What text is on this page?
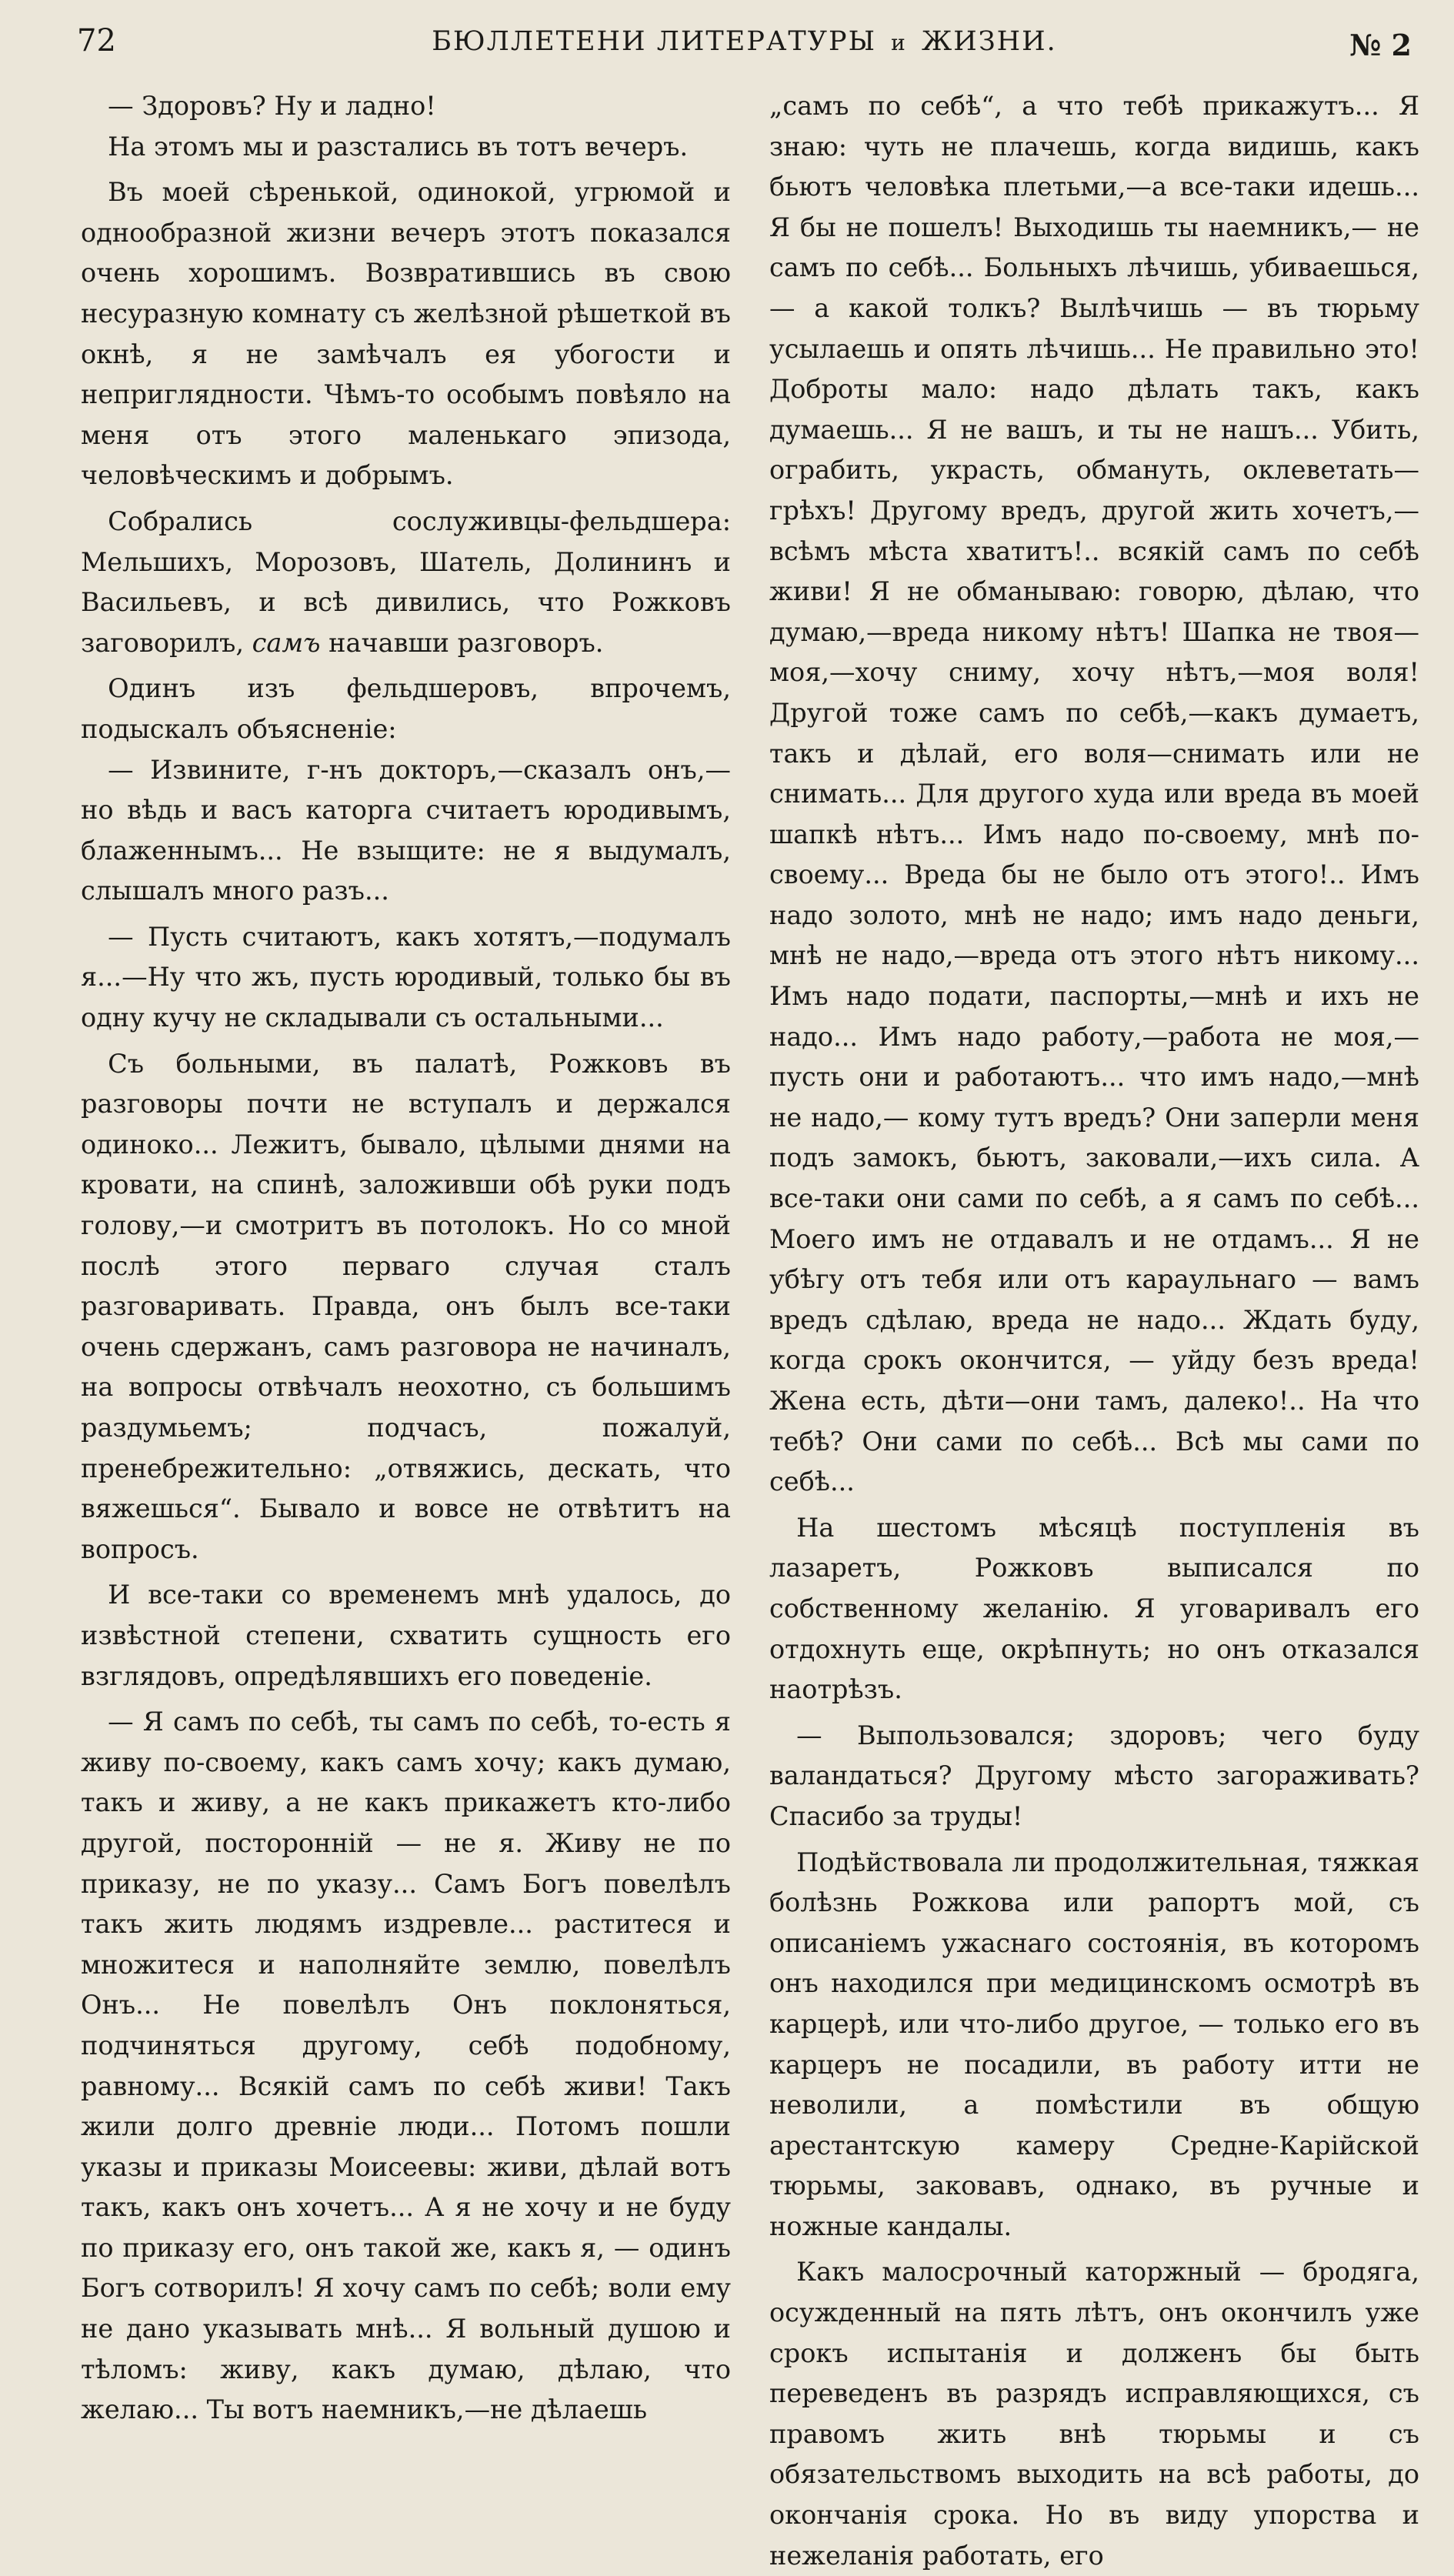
72	БЮЛЛЕТЕНИ ЛИТЕРАТУРЫ и ЖИЗНИ.	№ 2

— Здоровъ? Ну и ладно!

На этомъ мы и разстались въ тотъ вечеръ.

Въ моей сѣренькой, одинокой, угрюмой и однообразной жизни вечеръ этотъ показался очень хорошимъ. Возвратившись въ свою несуразную комнату съ желѣзной рѣшеткой въ окнѣ, я не замѣчалъ ея убогости и неприглядности. Чѣмъ-то особымъ повѣяло на меня отъ этого маленькаго эпизода, человѣческимъ и добрымъ.

Собрались сослуживцы-фельдшера: Мельшихъ, Морозовъ, Шатель, Долининъ и Васильевъ, и всѣ дивились, что Рожковъ заговорилъ, самъ начавши разговоръ.

Одинъ изъ фельдшеровъ, впрочемъ, подыскалъ объясненіе:

— Извините, г-нъ докторъ,—сказалъ онъ,— но вѣдь и васъ каторга считаетъ юродивымъ, блаженнымъ... Не взыщите: не я выдумалъ, слышалъ много разъ...

— Пусть считаютъ, какъ хотятъ,—подумалъ я...—Ну что жъ, пусть юродивый, только бы въ одну кучу не складывали съ остальными...

Съ больными, въ палатѣ, Рожковъ въ разговоры почти не вступалъ и держался одиноко... Лежитъ, бывало, цѣлыми днями на кровати, на спинѣ, заложивши обѣ руки подъ голову,—и смотритъ въ потолокъ. Но со мной послѣ этого перваго случая сталъ разговаривать. Правда, онъ былъ все-таки очень сдержанъ, самъ разговора не начиналъ, на вопросы отвѣчалъ неохотно, съ большимъ раздумьемъ; подчасъ, пожалуй, пренебрежительно: „отвяжись, дескать, что вяжешься“. Бывало и вовсе не отвѣтитъ на вопросъ.

И все-таки со временемъ мнѣ удалось, до извѣстной степени, схватить сущность его взглядовъ, опредѣлявшихъ его поведеніе.

— Я самъ по себѣ, ты самъ по себѣ, то-есть я живу по-своему, какъ самъ хочу; какъ думаю, такъ и живу, а не какъ прикажетъ кто-либо другой, посторонній — не я. Живу не по приказу, не по указу... Самъ Богъ повелѣлъ такъ жить людямъ издревле... раститеся и множитеся и наполняйте землю, повелѣлъ Онъ... Не повелѣлъ Онъ поклоняться, подчиняться другому, себѣ подобному, равному... Всякій самъ по себѣ живи! Такъ жили долго древніе люди... Потомъ пошли указы и приказы Моисеевы: живи, дѣлай вотъ такъ, какъ онъ хочетъ... А я не хочу и не буду по приказу его, онъ такой же, какъ я, — одинъ Богъ сотворилъ! Я хочу самъ по себѣ; воли ему не дано указывать мнѣ... Я вольный душою и тѣломъ: живу, какъ думаю, дѣлаю, что желаю... Ты вотъ наемникъ,—не дѣлаешь

„самъ по себѣ“, а что тебѣ прикажутъ... Я знаю: чуть не плачешь, когда видишь, какъ бьютъ человѣка плетьми,—а все-таки идешь... Я бы не пошелъ! Выходишь ты наемникъ,— не самъ по себѣ... Больныхъ лѣчишь, убиваешься, — а какой толкъ? Вылѣчишь — въ тюрьму усылаешь и опять лѣчишь... Не правильно это! Доброты мало: надо дѣлать такъ, какъ думаешь... Я не вашъ, и ты не нашъ... Убить, ограбить, украсть, обмануть, оклеветать—грѣхъ! Другому вредъ, другой жить хочетъ,—всѣмъ мѣста хватитъ!.. всякій самъ по себѣ живи! Я не обманываю: говорю, дѣлаю, что думаю,—вреда никому нѣтъ! Шапка не твоя—моя,—хочу сниму, хочу нѣтъ,—моя воля! Другой тоже самъ по себѣ,—какъ думаетъ, такъ и дѣлай, его воля—снимать или не снимать... Для другого худа или вреда въ моей шапкѣ нѣтъ... Имъ надо по-своему, мнѣ по-своему... Вреда бы не было отъ этого!.. Имъ надо золото, мнѣ не надо; имъ надо деньги, мнѣ не надо,—вреда отъ этого нѣтъ никому... Имъ надо подати, паспорты,—мнѣ и ихъ не надо... Имъ надо работу,—работа не моя,—пусть они и работаютъ... что имъ надо,—мнѣ не надо,— кому тутъ вредъ? Они заперли меня подъ замокъ, бьютъ, заковали,—ихъ сила. А все-таки они сами по себѣ, а я самъ по себѣ... Моего имъ не отдавалъ и не отдамъ... Я не убѣгу отъ тебя или отъ караульнаго — вамъ вредъ сдѣлаю, вреда не надо... Ждать буду, когда срокъ окончится, — уйду безъ вреда! Жена есть, дѣти—они тамъ, далеко!.. На что тебѣ? Они сами по себѣ... Всѣ мы сами по себѣ...

На шестомъ мѣсяцѣ поступленія въ лазаретъ, Рожковъ выписался по собственному желанію. Я уговаривалъ его отдохнуть еще, окрѣпнуть; но онъ отказался наотрѣзъ.

— Выпользовался; здоровъ; чего буду валандаться? Другому мѣсто загораживать? Спасибо за труды!

Подѣйствовала ли продолжительная, тяжкая болѣзнь Рожкова или рапортъ мой, съ описаніемъ ужаснаго состоянія, въ которомъ онъ находился при медицинскомъ осмотрѣ въ карцерѣ, или что-либо другое, — только его въ карцеръ не посадили, въ работу итти не неволили, а помѣстили въ общую арестантскую камеру Средне-Карійской тюрьмы, заковавъ, однако, въ ручные и ножные кандалы.

Какъ малосрочный каторжный — бродяга, осужденный на пять лѣтъ, онъ окончилъ уже срокъ испытанія и долженъ бы быть переведенъ въ разрядъ исправляющихся, съ правомъ жить внѣ тюрьмы и съ обязательствомъ выходить на всѣ работы, до окончанія срока. Но въ виду упорства и нежеланія работать, его
